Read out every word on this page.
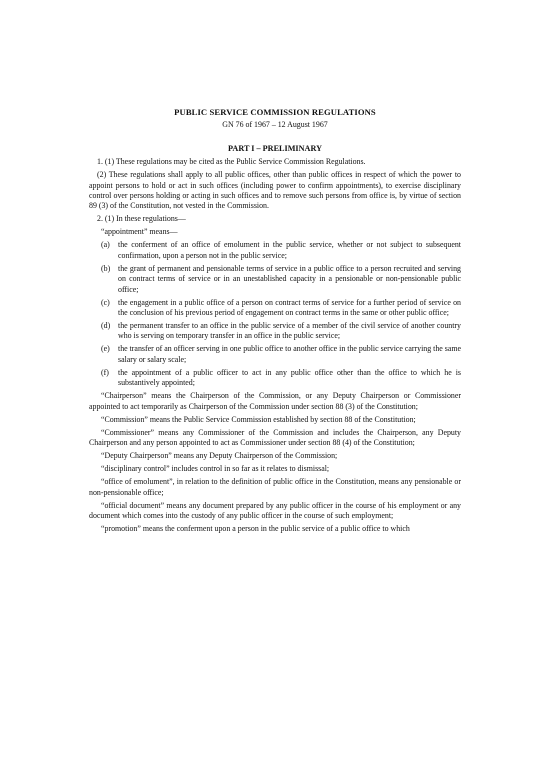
PUBLIC SERVICE COMMISSION REGULATIONS
GN 76 of 1967 – 12 August 1967
PART I – PRELIMINARY

1. (1) These regulations may be cited as the Public Service Commission Regulations.

(2) These regulations shall apply to all public offices, other than public offices in respect of which the power to appoint persons to hold or act in such offices (including power to confirm appointments), to exercise disciplinary control over persons holding or acting in such offices and to remove such persons from office is, by virtue of section 89 (3) of the Constitution, not vested in the Commission.

2. (1) In these regulations—

“appointment” means—

(a)	the conferment of an office of emolument in the public service, whether or not subject to subsequent confirmation, upon a person not in the public service;
(b) the grant of permanent and pensionable terms of service in a public office to a person recruited and serving on contract terms of service or in an unestablished capacity in a pensionable or non-pensionable public office;
(c)	the engagement in a public office of a person on contract terms of service for a further period of service on the conclusion of his previous period of engagement on contract terms in the same or other public office;
(d) the permanent transfer to an office in the public service of a member of the civil service of another country who is serving on temporary transfer in an office in the public service;
(e)	the transfer of an officer serving in one public office to another office in the public service carrying the same salary or salary scale;
(f)	the appointment of a public officer to act in any public office other than the office to which he is substantively appointed;

“Chairperson” means the Chairperson of the Commission, or any Deputy Chairperson or Commissioner appointed to act temporarily as Chairperson of the Commission under section 88 (3) of the Constitution;

“Commission” means the Public Service Commission established by section 88 of the Constitution;

“Commissioner” means any Commissioner of the Commission and includes the Chairperson, any Deputy Chairperson and any person appointed to act as Commissioner under section 88 (4) of the Constitution;

“Deputy Chairperson” means any Deputy Chairperson of the Commission;

“disciplinary control” includes control in so far as it relates to dismissal;

“office of emolument”, in relation to the definition of public office in the Constitution, means any pensionable or non-pensionable office;

“official document” means any document prepared by any public officer in the course of his employment or any document which comes into the custody of any public officer in the course of such employment;

“promotion” means the conferment upon a person in the public service of a public office to which
